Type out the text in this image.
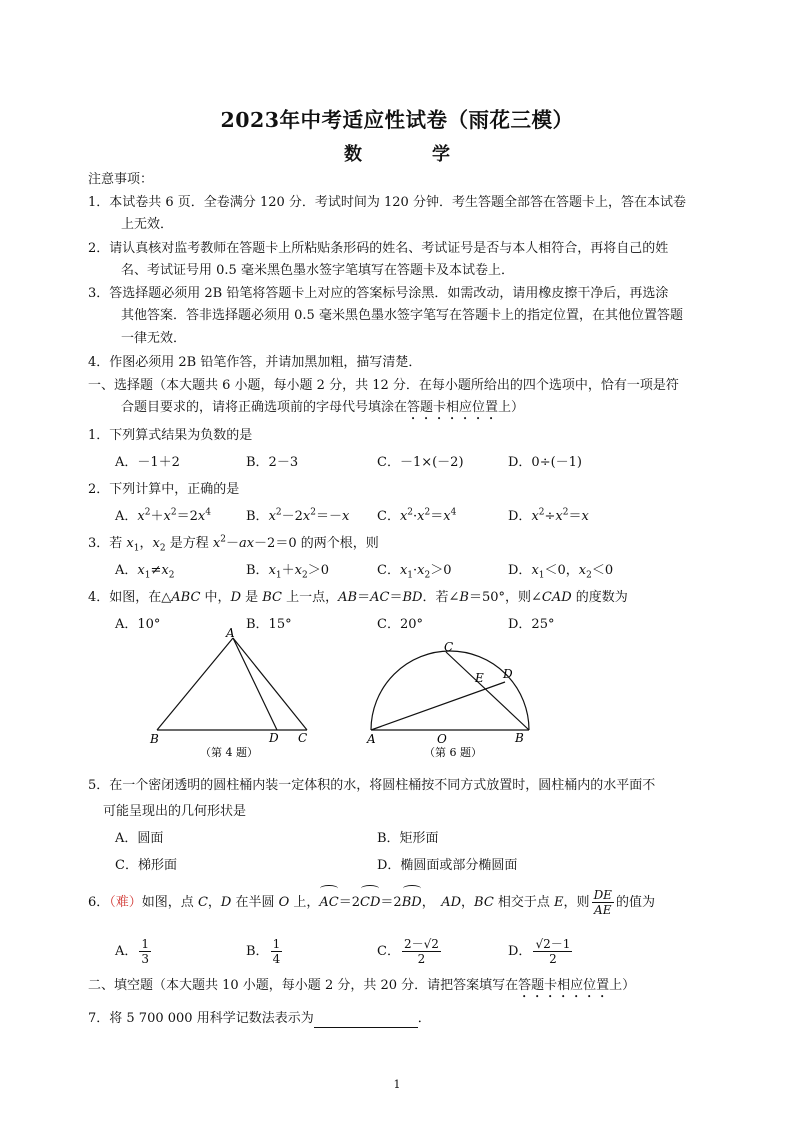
2023年中考适应性试卷（雨花三模）
数　学
注意事项：
1．本试卷共 6 页．全卷满分 120 分．考试时间为 120 分钟．考生答题全部答在答题卡上，答在本试卷
上无效．
2．请认真核对监考教师在答题卡上所粘贴条形码的姓名、考试证号是否与本人相符合，再将自己的姓
名、考试证号用 0.5 毫米黑色墨水签字笔填写在答题卡及本试卷上．
3．答选择题必须用 2B 铅笔将答题卡上对应的答案标号涂黑．如需改动，请用橡皮擦干净后，再选涂
其他答案．答非选择题必须用 0.5 毫米黑色墨水签字笔写在答题卡上的指定位置，在其他位置答题
一律无效．
4．作图必须用 2B 铅笔作答，并请加黑加粗，描写清楚．
一、选择题（本大题共 6 小题，每小题 2 分，共 12 分．在每小题所给出的四个选项中，恰有一项是符
合题目要求的，请将正确选项前的字母代号填涂在答题卡相应位置上）
1．下列算式结果为负数的是
A．－1＋2	B．2－3	C．－1×(－2)	D．0÷(－1)
2．下列计算中，正确的是
A．$x^2+x^2=2x^4$	B．$x^2-2x^2=-x$ C．$x^2\cdot x^2=x^4$	D．$x^2\div x^2=x$
3．若 $x_1$，$x_2$ 是方程 $x^2-ax-2=0$ 的两个根，则
A．$x_1\ne x_2$	B．$x_1+x_2>0$	C．$x_1\cdot x_2>0$	D．$x_1<0$，$x_2<0$
4．如图，在△ABC 中，D 是 BC 上一点，AB＝AC＝BD．若∠B＝50°，则∠CAD 的度数为
A．10°	B．15°	C．20°	D．25°
A
B	D C
（第 4 题）
C
D
E
A	O	B
（第 6 题）
5．在一个密闭透明的圆柱桶内装一定体积的水，将圆柱桶按不同方式放置时，圆柱桶内的水平面不
可能呈现出的几何形状是
A．圆面	B．矩形面
C．梯形面	D．椭圆面或部分椭圆面
6．（难）如图，点 C，D 在半圆 O 上，AC＝2CD＝2BD，　AD，BC 相交于点 E，则 $\frac{DE}{AE}$ 的值为
A． $\frac{1}{3}$	B． $\frac{1}{4}$	C． $\frac{2-√2}{2}$	D． $\frac{√2-1}{2}$
二、填空题（本大题共 10 小题，每小题 2 分，共 20 分．请把答案填写在答题卡相应位置上）
7．将 5 700 000 用科学记数法表示为	．
1
